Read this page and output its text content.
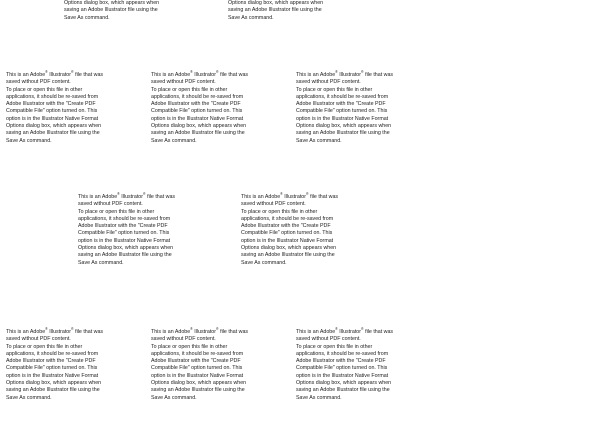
Options dialog box, which appears when
saving an Adobe Illustrator file using the
Save As command.
Options dialog box, which appears when
saving an Adobe Illustrator file using the
Save As command.
This is an Adobe® Illustrator® file that was
saved without PDF content.
To place or open this file in other
applications, it should be re-saved from
Adobe Illustrator with the "Create PDF
Compatible File" option turned on. This
option is in the Illustrator Native Format
Options dialog box, which appears when
saving an Adobe Illustrator file using the
Save As command.
This is an Adobe® Illustrator® file that was
saved without PDF content.
To place or open this file in other
applications, it should be re-saved from
Adobe Illustrator with the "Create PDF
Compatible File" option turned on. This
option is in the Illustrator Native Format
Options dialog box, which appears when
saving an Adobe Illustrator file using the
Save As command.
This is an Adobe® Illustrator® file that was
saved without PDF content.
To place or open this file in other
applications, it should be re-saved from
Adobe Illustrator with the "Create PDF
Compatible File" option turned on. This
option is in the Illustrator Native Format
Options dialog box, which appears when
saving an Adobe Illustrator file using the
Save As command.
This is an Adobe® Illustrator® file that was
saved without PDF content.
To place or open this file in other
applications, it should be re-saved from
Adobe Illustrator with the "Create PDF
Compatible File" option turned on. This
option is in the Illustrator Native Format
Options dialog box, which appears when
saving an Adobe Illustrator file using the
Save As command.
This is an Adobe® Illustrator® file that was
saved without PDF content.
To place or open this file in other
applications, it should be re-saved from
Adobe Illustrator with the "Create PDF
Compatible File" option turned on. This
option is in the Illustrator Native Format
Options dialog box, which appears when
saving an Adobe Illustrator file using the
Save As command.
This is an Adobe® Illustrator® file that was
saved without PDF content.
To place or open this file in other
applications, it should be re-saved from
Adobe Illustrator with the "Create PDF
Compatible File" option turned on. This
option is in the Illustrator Native Format
Options dialog box, which appears when
saving an Adobe Illustrator file using the
Save As command.
This is an Adobe® Illustrator® file that was
saved without PDF content.
To place or open this file in other
applications, it should be re-saved from
Adobe Illustrator with the "Create PDF
Compatible File" option turned on. This
option is in the Illustrator Native Format
Options dialog box, which appears when
saving an Adobe Illustrator file using the
Save As command.
This is an Adobe® Illustrator® file that was
saved without PDF content.
To place or open this file in other
applications, it should be re-saved from
Adobe Illustrator with the "Create PDF
Compatible File" option turned on. This
option is in the Illustrator Native Format
Options dialog box, which appears when
saving an Adobe Illustrator file using the
Save As command.
